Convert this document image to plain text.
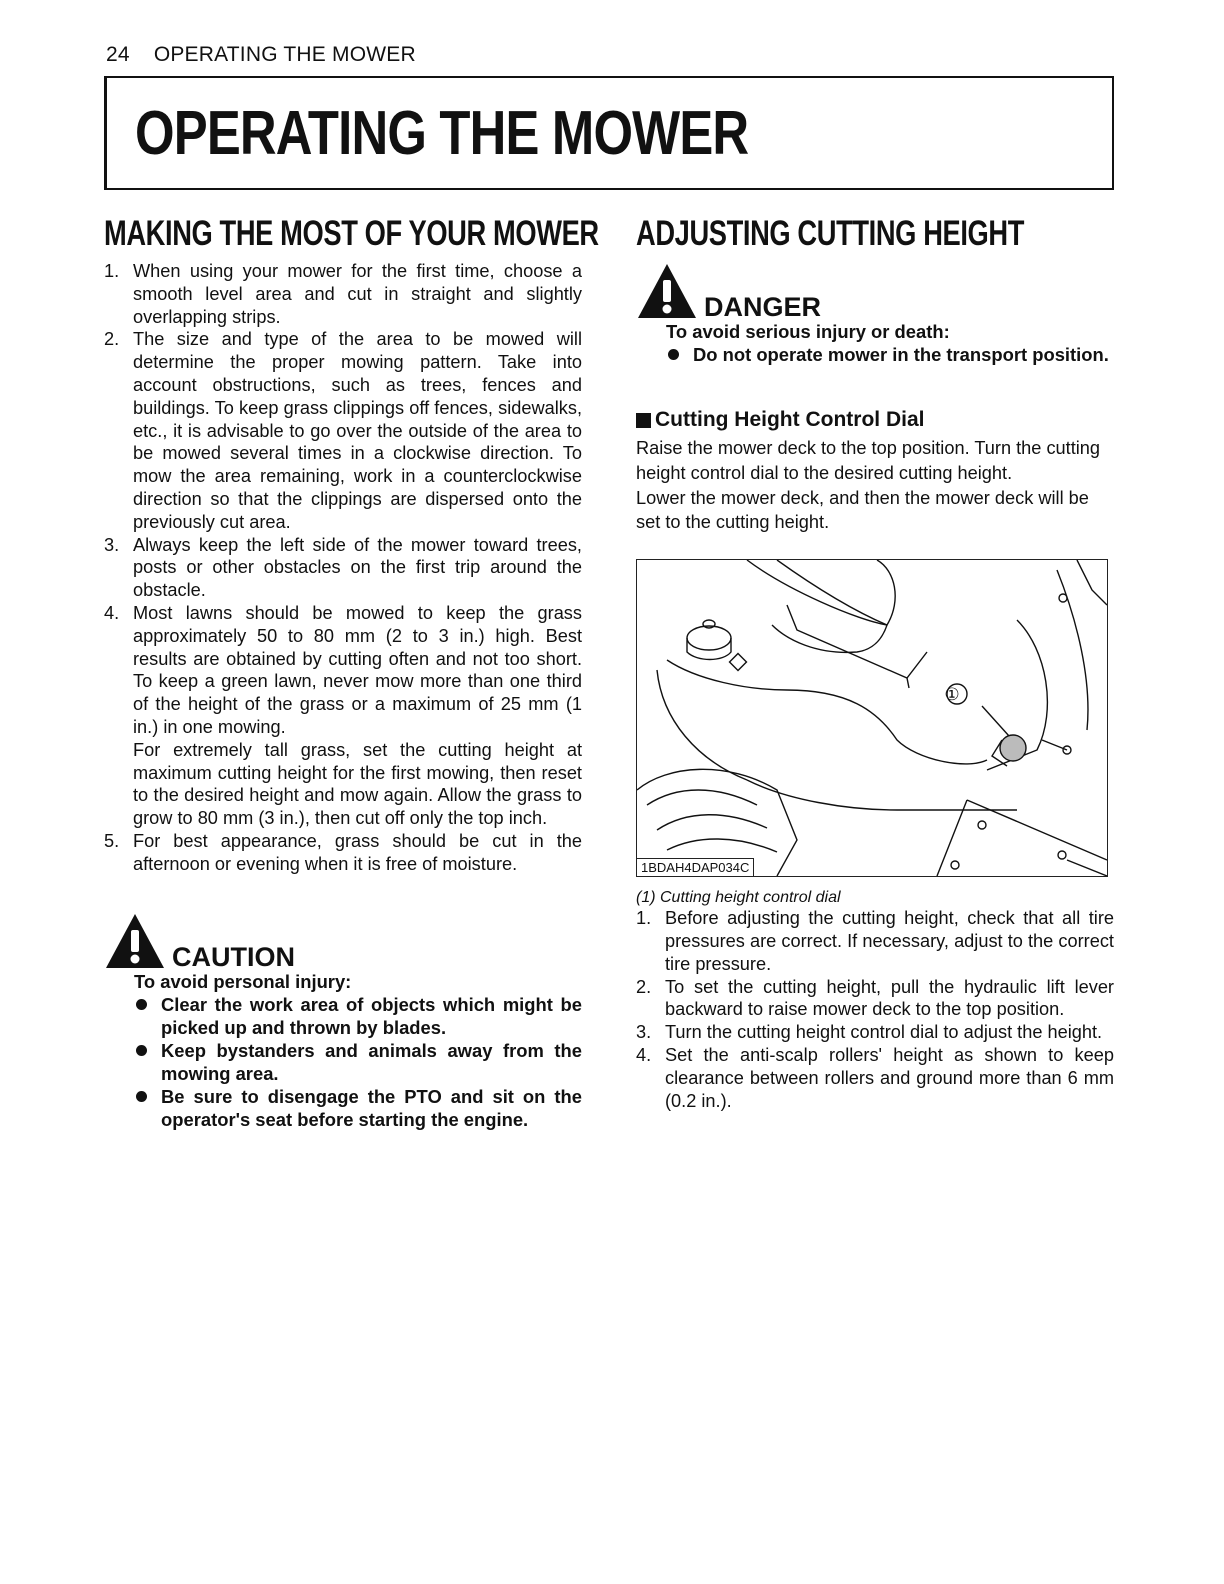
24 OPERATING THE MOWER
OPERATING THE MOWER
MAKING THE MOST OF YOUR MOWER
1. When using your mower for the first time, choose a smooth level area and cut in straight and slightly overlapping strips.
2. The size and type of the area to be mowed will determine the proper mowing pattern. Take into account obstructions, such as trees, fences and buildings. To keep grass clippings off fences, sidewalks, etc., it is advisable to go over the outside of the area to be mowed several times in a clockwise direction. To mow the area remaining, work in a counterclockwise direction so that the clippings are dispersed onto the previously cut area.
3. Always keep the left side of the mower toward trees, posts or other obstacles on the first trip around the obstacle.
4. Most lawns should be mowed to keep the grass approximately 50 to 80 mm (2 to 3 in.) high. Best results are obtained by cutting often and not too short. To keep a green lawn, never mow more than one third of the height of the grass or a maximum of 25 mm (1 in.) in one mowing.
For extremely tall grass, set the cutting height at maximum cutting height for the first mowing, then reset to the desired height and mow again. Allow the grass to grow to 80 mm (3 in.), then cut off only the top inch.
5. For best appearance, grass should be cut in the afternoon or evening when it is free of moisture.
CAUTION
To avoid personal injury:
Clear the work area of objects which might be picked up and thrown by blades.
Keep bystanders and animals away from the mowing area.
Be sure to disengage the PTO and sit on the operator's seat before starting the engine.
ADJUSTING CUTTING HEIGHT
DANGER
To avoid serious injury or death:
Do not operate mower in the transport position.
Cutting Height Control Dial

Raise the mower deck to the top position. Turn the cutting height control dial to the desired cutting height.

Lower the mower deck, and then the mower deck will be set to the cutting height.

①
1BDAH4DAP034C
(1) Cutting height control dial
1. Before adjusting the cutting height, check that all tire pressures are correct. If necessary, adjust to the correct tire pressure.
2. To set the cutting height, pull the hydraulic lift lever backward to raise mower deck to the top position.
3. Turn the cutting height control dial to adjust the height.
4. Set the anti-scalp rollers' height as shown to keep clearance between rollers and ground more than 6 mm (0.2 in.).
